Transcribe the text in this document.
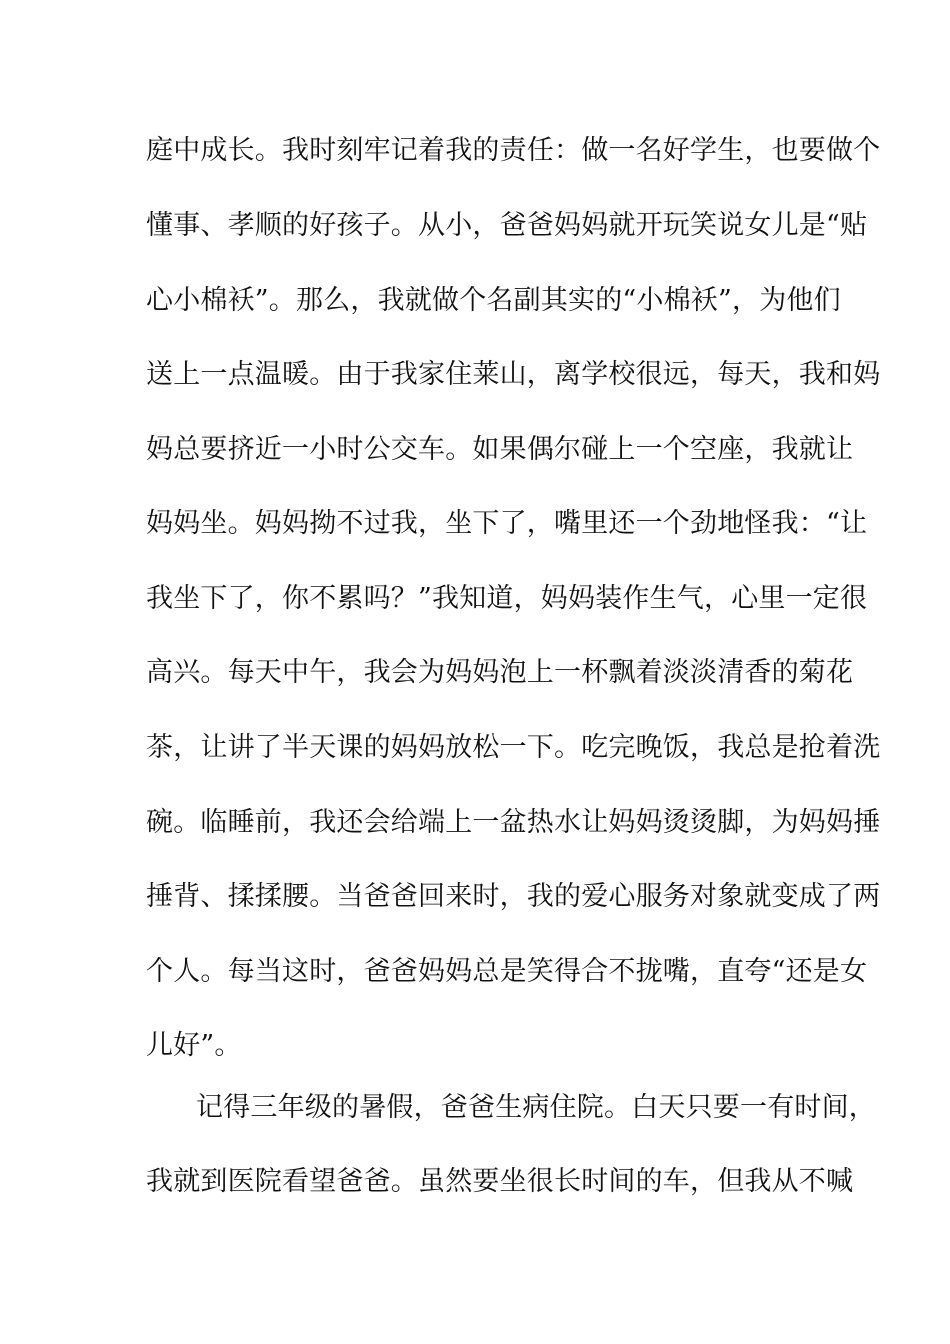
庭中成长。我时刻牢记着我的责任：做一名好学生，也要做个
懂事、孝顺的好孩子。从小，爸爸妈妈就开玩笑说女儿是“贴
心小棉袄”。那么，我就做个名副其实的“小棉袄”，为他们
送上一点温暖。由于我家住莱山，离学校很远，每天，我和妈
妈总要挤近一小时公交车。如果偶尔碰上一个空座，我就让
妈妈坐。妈妈拗不过我，坐下了，嘴里还一个劲地怪我：“让
我坐下了，你不累吗？”我知道，妈妈装作生气，心里一定很
高兴。每天中午，我会为妈妈泡上一杯飘着淡淡清香的菊花
茶，让讲了半天课的妈妈放松一下。吃完晚饭，我总是抢着洗
碗。临睡前，我还会给端上一盆热水让妈妈烫烫脚，为妈妈捶
捶背、揉揉腰。当爸爸回来时，我的爱心服务对象就变成了两
个人。每当这时，爸爸妈妈总是笑得合不拢嘴，直夸“还是女
儿好”。
记得三年级的暑假，爸爸生病住院。白天只要一有时间，
我就到医院看望爸爸。虽然要坐很长时间的车，但我从不喊
